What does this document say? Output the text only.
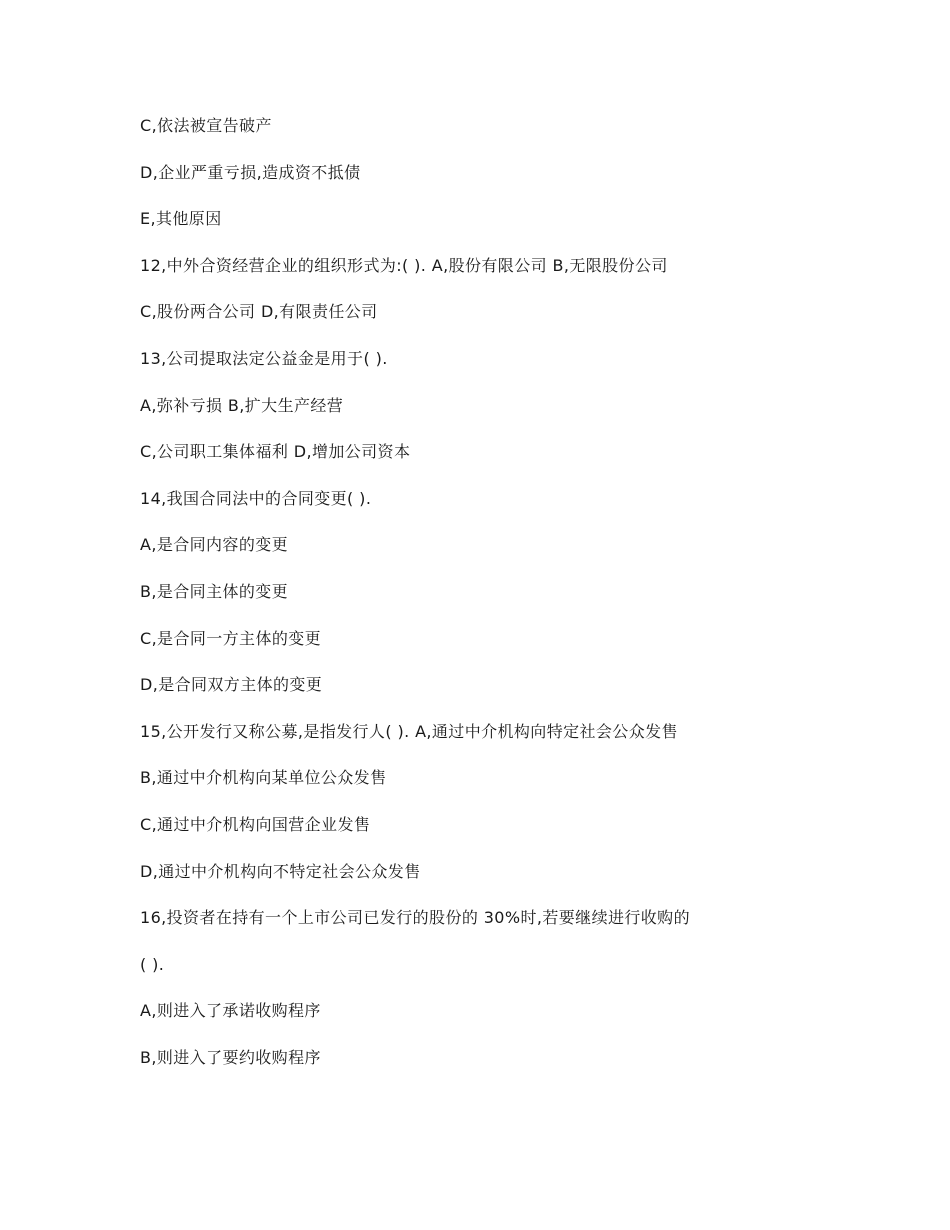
C,依法被宣告破产
D,企业严重亏损,造成资不抵债
E,其他原因
12,中外合资经营企业的组织形式为:( ). A,股份有限公司 B,无限股份公司
C,股份两合公司 D,有限责任公司
13,公司提取法定公益金是用于( ).
A,弥补亏损 B,扩大生产经营
C,公司职工集体福利 D,增加公司资本
14,我国合同法中的合同变更( ).
A,是合同内容的变更
B,是合同主体的变更
C,是合同一方主体的变更
D,是合同双方主体的变更
15,公开发行又称公募,是指发行人( ). A,通过中介机构向特定社会公众发售
B,通过中介机构向某单位公众发售
C,通过中介机构向国营企业发售
D,通过中介机构向不特定社会公众发售
16,投资者在持有一个上市公司已发行的股份的 30%时,若要继续进行收购的
( ).
A,则进入了承诺收购程序
B,则进入了要约收购程序
